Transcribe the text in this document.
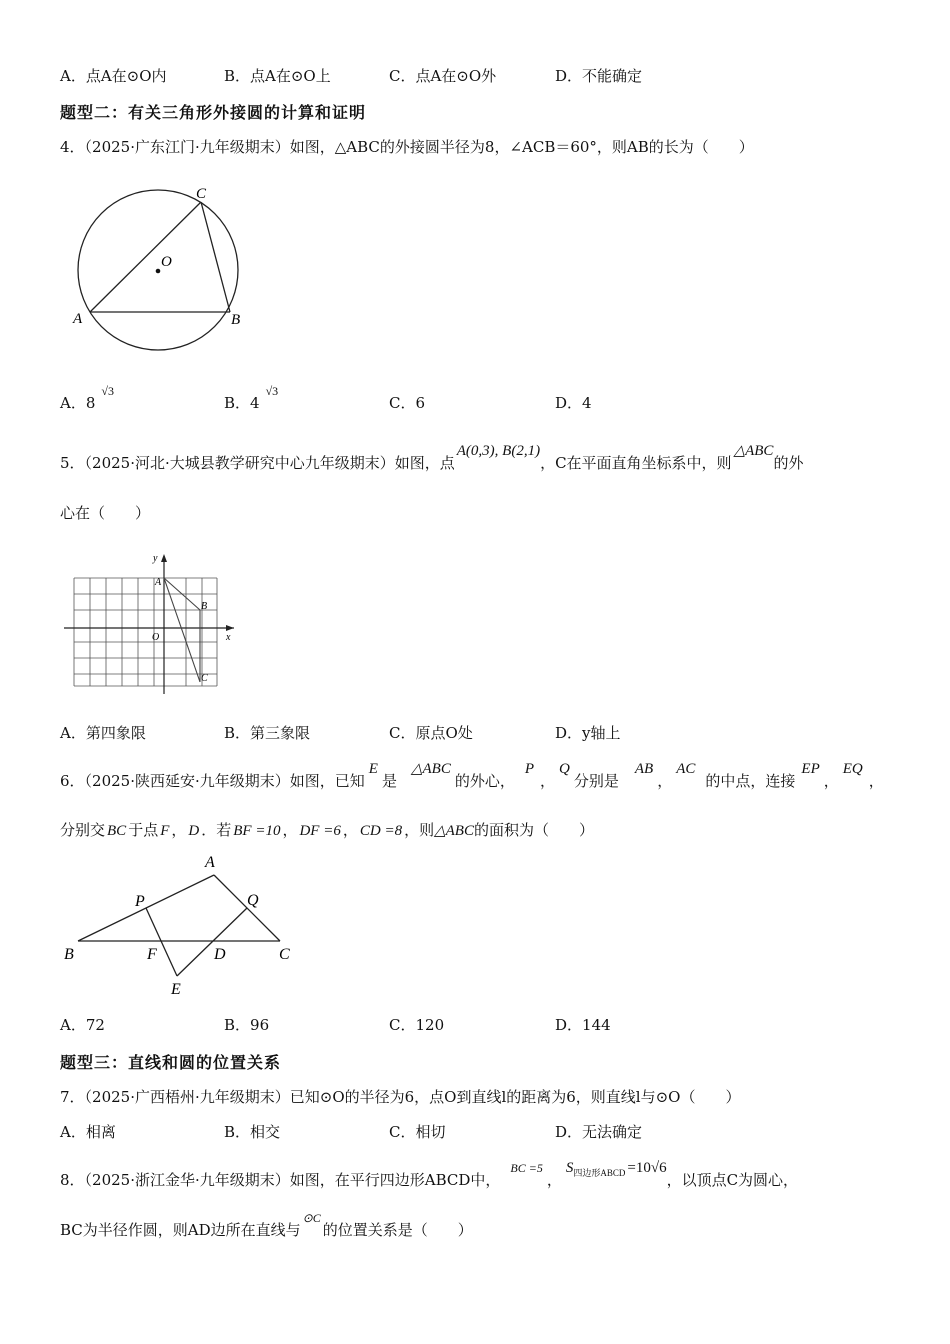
A．点A在⊙O内	B．点A在⊙O上	C．点A在⊙O外	D．不能确定
题型二：有关三角形外接圆的计算和证明
4．（2025·广东江门·九年级期末）如图，△ABC的外接圆半径为8，∠ACB＝60°，则AB的长为（　　）
C
O
A	B
A．$8^{√3}$
B．$4^{√3}$
C．6	D．4
5．（2025·河北·大城县教学研究中心九年级期末）如图，点A(0,3), B(2,1)，C在平面直角坐标系中，则△ABC的外
心在（　　）
y
x
A
B
C
O
A．第四象限	B．第三象限	C．原点O处	D．y轴上
6．（2025·陕西延安·九年级期末）如图，已知E是△ABC的外心，P，Q分别是AB，AC的中点，连接EP，EQ，
分别交 BC 于点 F ， D ．若 BF =10 ， DF =6 ， CD =8 ，则△ABC的面积为（　　）
A
P	Q
B	F	D	C
E
A．72	B．96	C．120	D．144
题型三：直线和圆的位置关系
7．（2025·广西梧州·九年级期末）已知⊙O的半径为6，点O到直线l的距离为6，则直线l与⊙O（　　）
A．相离	B．相交	C．相切	D．无法确定
8．（2025·浙江金华·九年级期末）如图，在平行四边形ABCD中，$^{BC =5}$，$S_{四边形ABCD} =10√6$，以顶点C为圆心，
BC为半径作圆，则AD边所在直线与$^{⊙C}$的位置关系是（　　）
